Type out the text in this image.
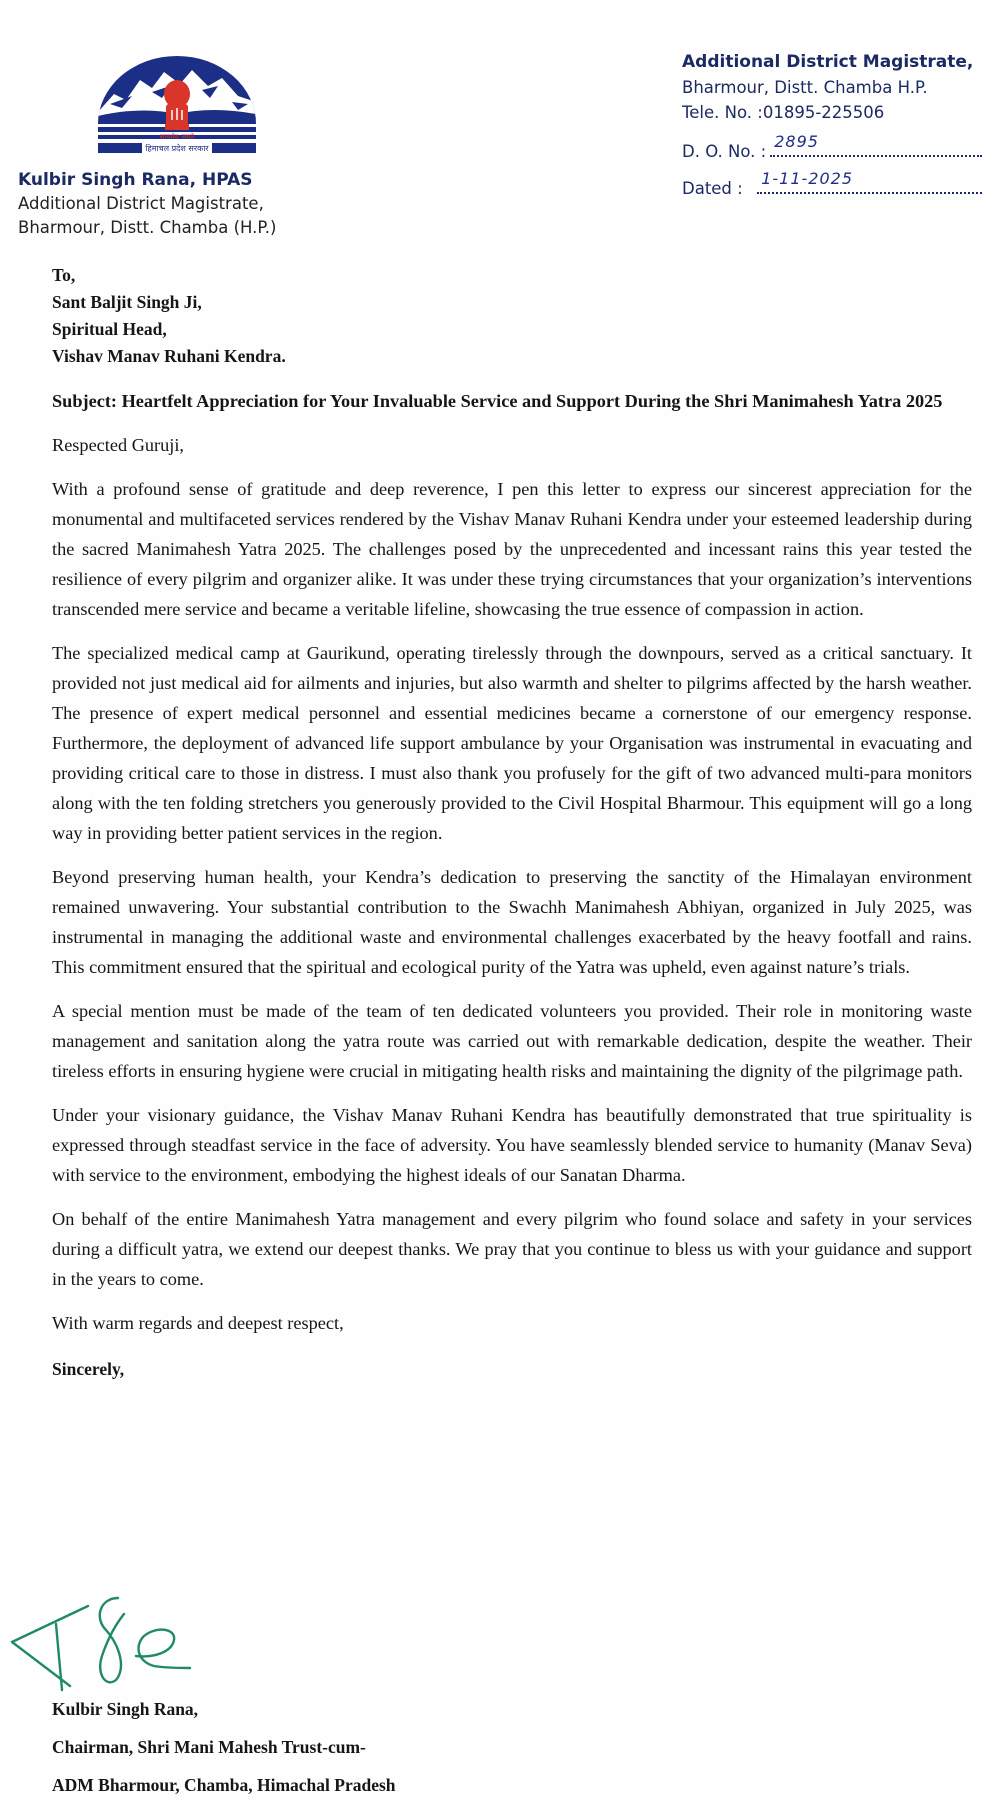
सत्यमेव जयते
हिमाचल प्रदेश सरकार
Kulbir Singh Rana, HPAS
Additional District Magistrate,
Bharmour, Distt. Chamba (H.P.)
Additional District Magistrate,
Bharmour, Distt. Chamba H.P.
Tele. No. :01895-225506
D. O. No. :
2895
Dated :
1-11-2025
To,
Sant Baljit Singh Ji,
Spiritual Head,
Vishav Manav Ruhani Kendra.
Subject: Heartfelt Appreciation for Your Invaluable Service and Support During the Shri Manimahesh Yatra 2025
Respected Guruji,
With a profound sense of gratitude and deep reverence, I pen this letter to express our sincerest appreciation for the monumental and multifaceted services rendered by the Vishav Manav Ruhani Kendra under your esteemed leadership during the sacred Manimahesh Yatra 2025. The challenges posed by the unprecedented and incessant rains this year tested the resilience of every pilgrim and organizer alike. It was under these trying circumstances that your organization’s interventions transcended mere service and became a veritable lifeline, showcasing the true essence of compassion in action.
The specialized medical camp at Gaurikund, operating tirelessly through the downpours, served as a critical sanctuary. It provided not just medical aid for ailments and injuries, but also warmth and shelter to pilgrims affected by the harsh weather. The presence of expert medical personnel and essential medicines became a cornerstone of our emergency response. Furthermore, the deployment of advanced life support ambulance by your Organisation was instrumental in evacuating and providing critical care to those in distress. I must also thank you profusely for the gift of two advanced multi-para monitors along with the ten folding stretchers you generously provided to the Civil Hospital Bharmour. This equipment will go a long way in providing better patient services in the region.
Beyond preserving human health, your Kendra’s dedication to preserving the sanctity of the Himalayan environment remained unwavering. Your substantial contribution to the Swachh Manimahesh Abhiyan, organized in July 2025, was instrumental in managing the additional waste and environmental challenges exacerbated by the heavy footfall and rains. This commitment ensured that the spiritual and ecological purity of the Yatra was upheld, even against nature’s trials.
A special mention must be made of the team of ten dedicated volunteers you provided. Their role in monitoring waste management and sanitation along the yatra route was carried out with remarkable dedication, despite the weather. Their tireless efforts in ensuring hygiene were crucial in mitigating health risks and maintaining the dignity of the pilgrimage path.
Under your visionary guidance, the Vishav Manav Ruhani Kendra has beautifully demonstrated that true spirituality is expressed through steadfast service in the face of adversity. You have seamlessly blended service to humanity (Manav Seva) with service to the environment, embodying the highest ideals of our Sanatan Dharma.
On behalf of the entire Manimahesh Yatra management and every pilgrim who found solace and safety in your services during a difficult yatra, we extend our deepest thanks. We pray that you continue to bless us with your guidance and support in the years to come.
With warm regards and deepest respect,
Sincerely,
Kulbir Singh Rana,
Chairman, Shri Mani Mahesh Trust-cum-
ADM Bharmour, Chamba, Himachal Pradesh
